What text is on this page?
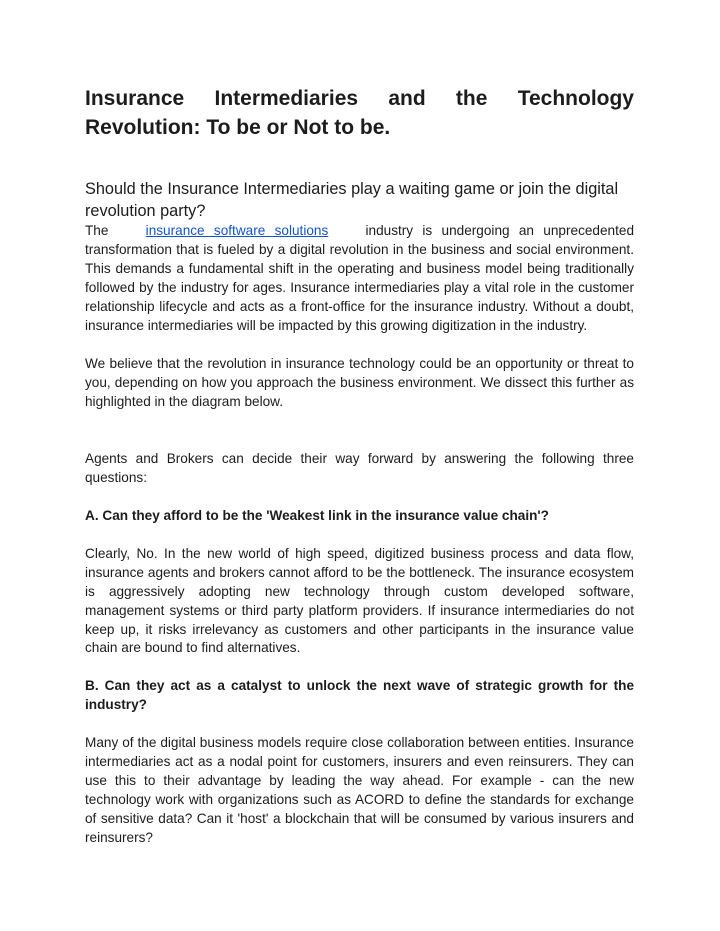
Insurance Intermediaries and the Technology
Revolution: To be or Not to be.
Should the Insurance Intermediaries play a waiting game or join the digital revolution party?

The	insurance software solutions	industry is undergoing an unprecedented transformation that is fueled by a digital revolution in the business and social environment. This demands a fundamental shift in the operating and business model being traditionally followed by the industry for ages. Insurance intermediaries play a vital role in the customer relationship lifecycle and acts as a front-office for the insurance industry. Without a doubt, insurance intermediaries will be impacted by this growing digitization in the industry.

We believe that the revolution in insurance technology could be an opportunity or threat to you, depending on how you approach the business environment. We dissect this further as highlighted in the diagram below.

Agents and Brokers can decide their way forward by answering the following three questions:

A. Can they afford to be the 'Weakest link in the insurance value chain'?

Clearly, No. In the new world of high speed, digitized business process and data flow, insurance agents and brokers cannot afford to be the bottleneck. The insurance ecosystem is aggressively adopting new technology through custom developed software, management systems or third party platform providers. If insurance intermediaries do not keep up, it risks irrelevancy as customers and other participants in the insurance value chain are bound to find alternatives.

B. Can they act as a catalyst to unlock the next wave of strategic growth for the industry?

Many of the digital business models require close collaboration between entities. Insurance intermediaries act as a nodal point for customers, insurers and even reinsurers. They can use this to their advantage by leading the way ahead. For example - can the new technology work with organizations such as ACORD to define the standards for exchange of sensitive data? Can it 'host' a blockchain that will be consumed by various insurers and reinsurers?
